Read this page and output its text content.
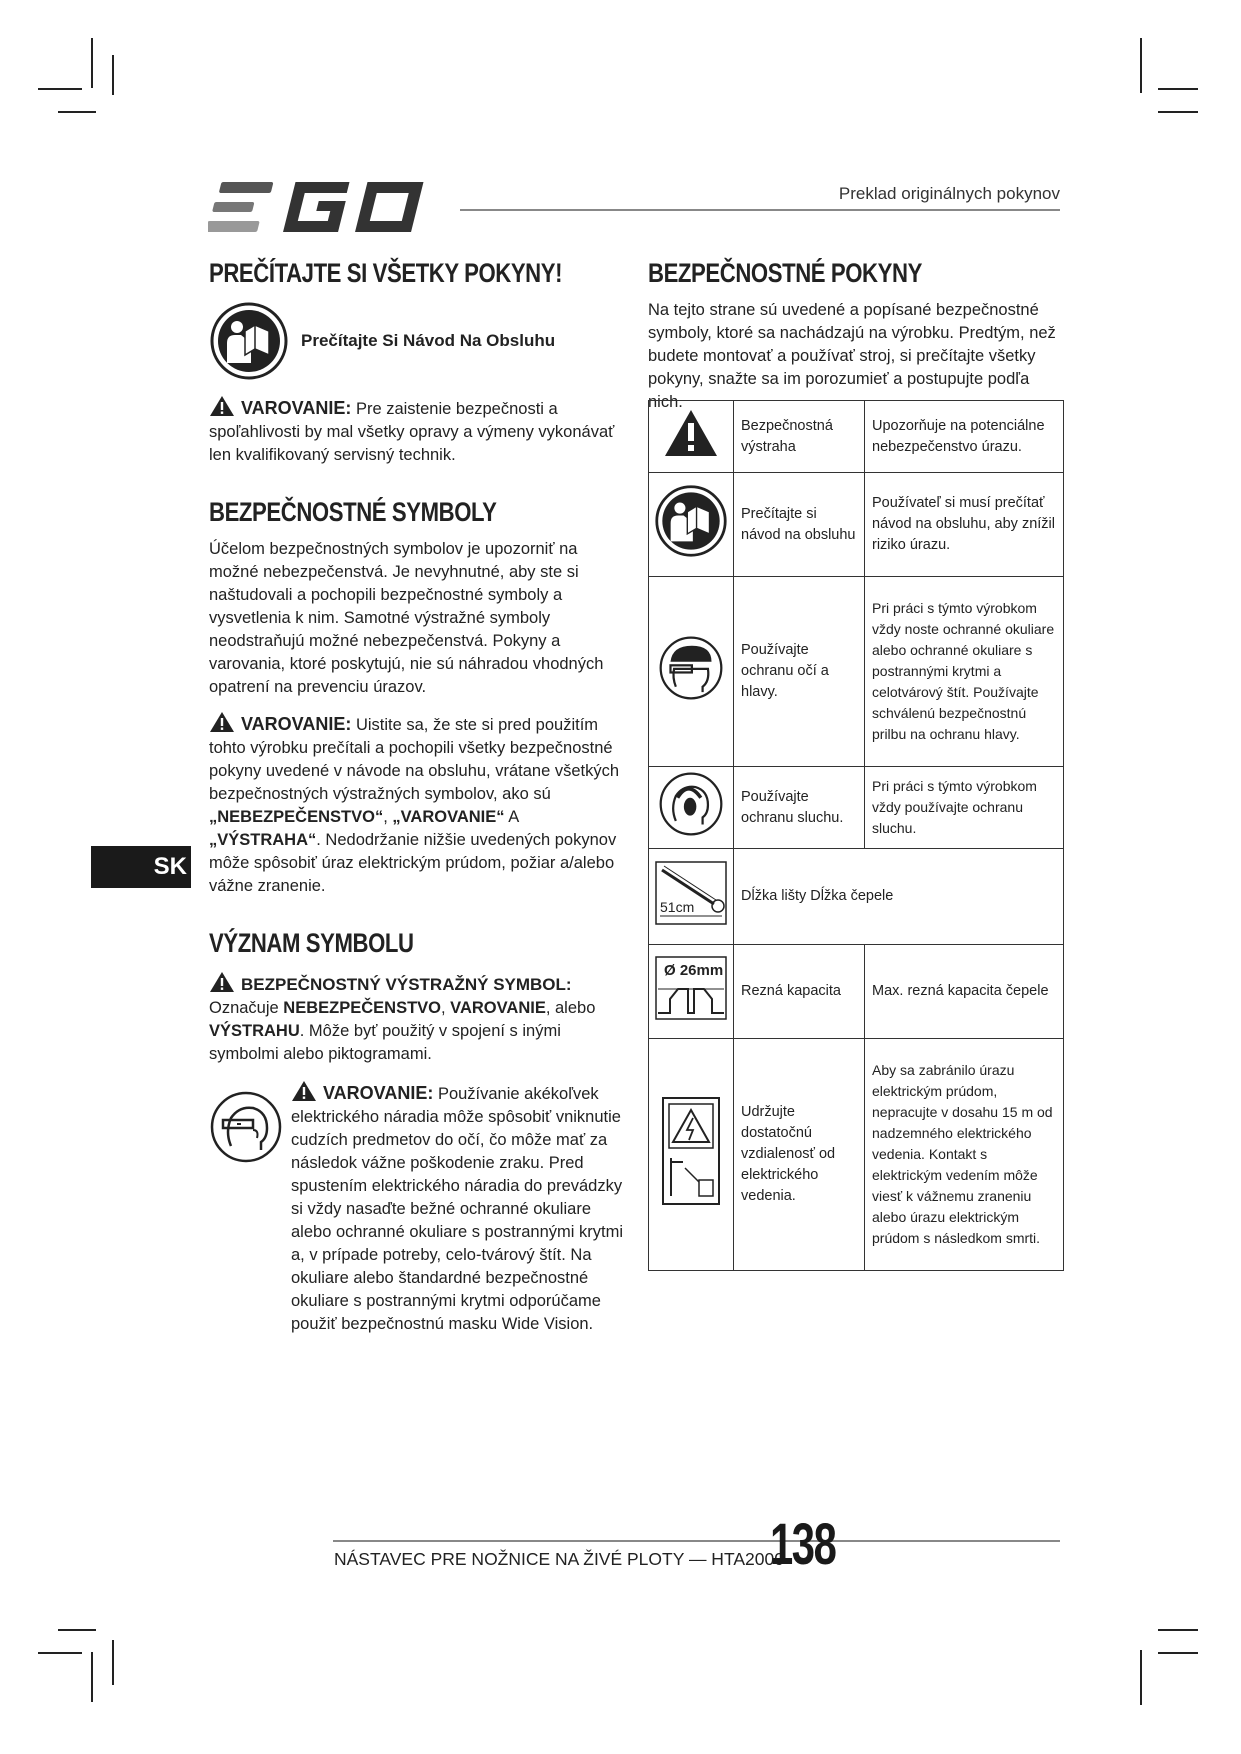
Preklad originálnych pokynov
PREČÍTAJTE SI VŠETKY POKYNY!
Prečítajte Si Návod Na Obsluhu

VAROVANIE: Pre zaistenie bezpečnosti a spoľahlivosti by mal všetky opravy a výmeny vykonávať len kvalifikovaný servisný technik.

BEZPEČNOSTNÉ SYMBOLY

Účelom bezpečnostných symbolov je upozorniť na možné nebezpečenstvá. Je nevyhnutné, aby ste si naštudovali a pochopili bezpečnostné symboly a vysvetlenia k nim. Samotné výstražné symboly neodstraňujú možné nebezpečenstvá. Pokyny a varovania, ktoré poskytujú, nie sú náhradou vhodných opatrení na prevenciu úrazov.

VAROVANIE: Uistite sa, že ste si pred použitím tohto výrobku prečítali a pochopili všetky bezpečnostné pokyny uvedené v návode na obsluhu, vrátane všetkých bezpečnostných výstražných symbolov, ako sú „NEBEZPEČENSTVO“, „VAROVANIE“ A „VÝSTRAHA“. Nedodržanie nižšie uvedených pokynov môže spôsobiť úraz elektrickým prúdom, požiar a/alebo vážne zranenie.

VÝZNAM SYMBOLU

BEZPEČNOSTNÝ VÝSTRAŽNÝ SYMBOL:
Označuje NEBEZPEČENSTVO, VAROVANIE, alebo VÝSTRAHU. Môže byť použitý v spojení s inými symbolmi alebo piktogramami.

VAROVANIE: Používanie akékoľvek elektrického náradia môže spôsobiť vniknutie cudzích predmetov do očí, čo môže mať za následok vážne poškodenie zraku. Pred spustením elektrického náradia do prevádzky si vždy nasaďte bežné ochranné okuliare alebo ochranné okuliare s postrannými krytmi a, v prípade potreby, celo-tvárový štít. Na okuliare alebo štandardné bezpečnostné okuliare s postrannými krytmi odporúčame použiť bezpečnostnú masku Wide Vision.

SK
BEZPEČNOSTNÉ POKYNY

Na tejto strane sú uvedené a popísané bezpečnostné symboly, ktoré sa nachádzajú na výrobku. Predtým, než budete montovať a používať stroj, si prečítajte všetky pokyny, snažte sa im porozumieť a postupujte podľa nich.

	Bezpečnostná výstraha	Upozorňuje na potenciálne nebezpečenstvo úrazu.
	Prečítajte si návod na obsluhu	Používateľ si musí prečítať návod na obsluhu, aby znížil riziko úrazu.
	Používajte ochranu očí a hlavy.	Pri práci s týmto výrobkom vždy noste ochranné okuliare alebo ochranné okuliare s postrannými krytmi a celotvárový štít. Používajte schválenú bezpečnostnú prilbu na ochranu hlavy.
	Používajte ochranu sluchu.	Pri práci s týmto výrobkom vždy používajte ochranu sluchu.

51cm	Dĺžka lišty Dĺžka čepele	

Ø 26mm	Rezná kapacita	Max. rezná kapacita čepele
	Udržujte dostatočnú vzdialenosť od elektrického vedenia.	Aby sa zabránilo úrazu elektrickým prúdom, nepracujte v dosahu 15 m od nadzemného elektrického vedenia. Kontakt s elektrickým vedením môže viesť k vážnemu zraneniu alebo úrazu elektrickým prúdom s následkom smrti.
NÁSTAVEC PRE NOŽNICE NA ŽIVÉ PLOTY — HTA2000
138
